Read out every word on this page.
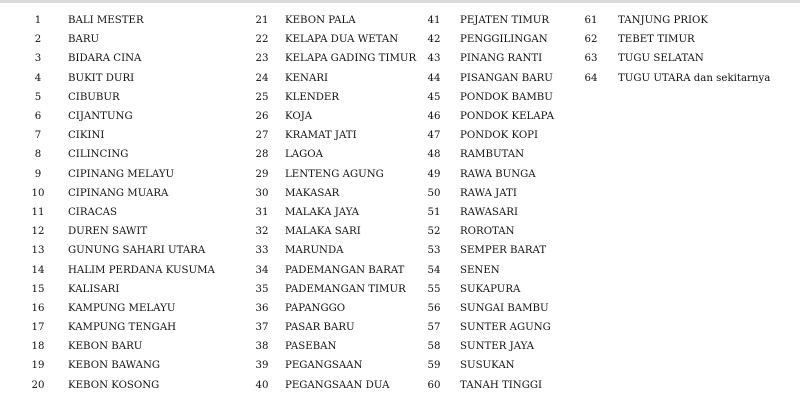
1	BALI MESTER
2	BARU
3	BIDARA CINA
4	BUKIT DURI
5	CIBUBUR
6	CIJANTUNG
7	CIKINI
8	CILINCING
9	CIPINANG MELAYU
10	CIPINANG MUARA
11	CIRACAS
12	DUREN SAWIT
13	GUNUNG SAHARI UTARA
14	HALIM PERDANA KUSUMA
15	KALISARI
16	KAMPUNG MELAYU
17	KAMPUNG TENGAH
18	KEBON BARU
19	KEBON BAWANG
20	KEBON KOSONG
21	KEBON PALA
22	KELAPA DUA WETAN
23	KELAPA GADING TIMUR
24	KENARI
25	KLENDER
26	KOJA
27	KRAMAT JATI
28	LAGOA
29	LENTENG AGUNG
30	MAKASAR
31	MALAKA JAYA
32	MALAKA SARI
33	MARUNDA
34	PADEMANGAN BARAT
35	PADEMANGAN TIMUR
36	PAPANGGO
37	PASAR BARU
38	PASEBAN
39	PEGANGSAAN
40	PEGANGSAAN DUA
41	PEJATEN TIMUR
42	PENGGILINGAN
43	PINANG RANTI
44	PISANGAN BARU
45	PONDOK BAMBU
46	PONDOK KELAPA
47	PONDOK KOPI
48	RAMBUTAN
49	RAWA BUNGA
50	RAWA JATI
51	RAWASARI
52	ROROTAN
53	SEMPER BARAT
54	SENEN
55	SUKAPURA
56	SUNGAI BAMBU
57	SUNTER AGUNG
58	SUNTER JAYA
59	SUSUKAN
60	TANAH TINGGI
61	TANJUNG PRIOK
62	TEBET TIMUR
63	TUGU SELATAN
64	TUGU UTARA dan sekitarnya
